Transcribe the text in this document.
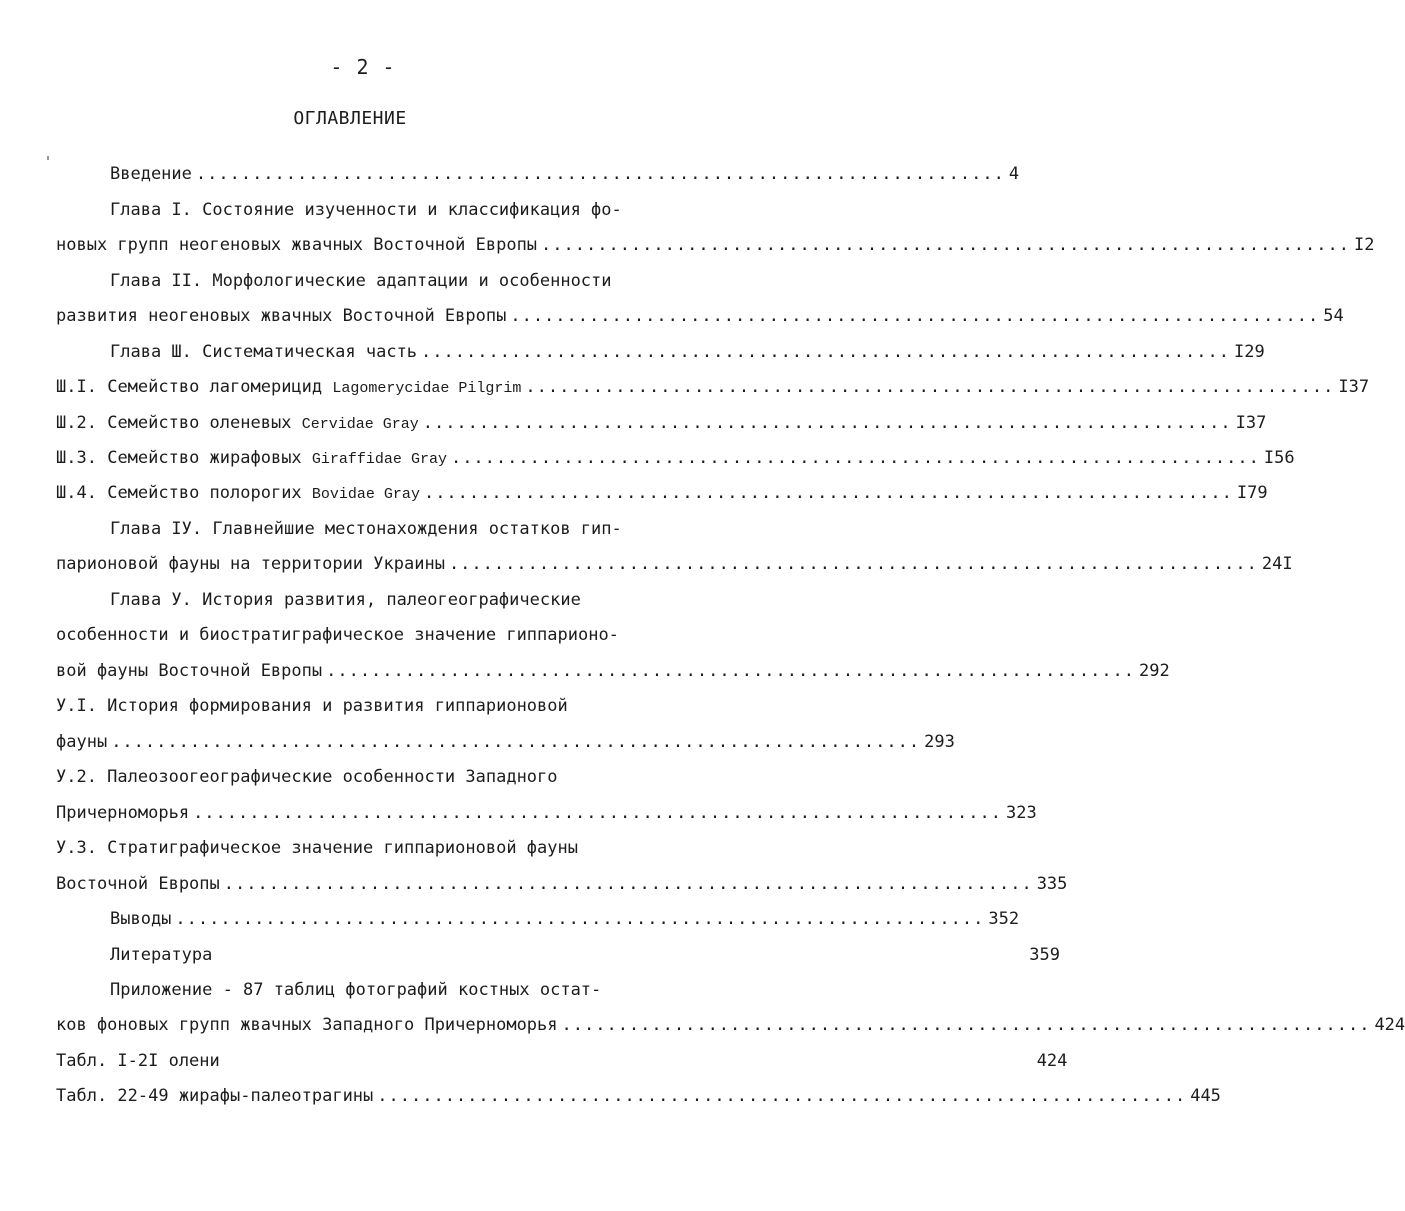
- 2 -
ОГЛАВЛЕНИЕ
Введение ........................................................................ 4
Глава I. Состояние изученности и классификация фо-
новых групп неогеновых жвачных Восточной Европы ........................................................................ I2
Глава II. Морфологические адаптации и особенности
развития неогеновых жвачных Восточной Европы ........................................................................ 54
Глава Ш. Систематическая часть ........................................................................ I29
Ш.I. Семейство лагомерицид Lagomerycidae Pilgrim ........................................................................ I37
Ш.2. Семейство оленевых Cervidae Gray ........................................................................ I37
Ш.3. Семейство жирафовых Giraffidae Gray ........................................................................ I56
Ш.4. Семейство полорогих Bovidae Gray ........................................................................ I79
Глава IУ. Главнейшие местонахождения остатков гип-
парионовой фауны на территории Украины ........................................................................ 24I
Глава У. История развития, палеогеографические
особенности и биостратиграфическое значение гиппарионо-
вой фауны Восточной Европы ........................................................................ 292
У.I. История формирования и развития гиппарионовой
фауны ........................................................................ 293
У.2. Палеозоогеографические особенности Западного
Причерноморья ........................................................................ 323
У.3. Стратиграфическое значение гиппарионовой фауны
Восточной Европы ........................................................................ 335
Выводы ........................................................................ 352
Литература	359
Приложение - 87 таблиц фотографий костных остат-
ков фоновых групп жвачных Западного Причерноморья ........................................................................ 424
Табл. I-2I олени	424
Табл. 22-49 жирафы-палеотрагины ........................................................................ 445
